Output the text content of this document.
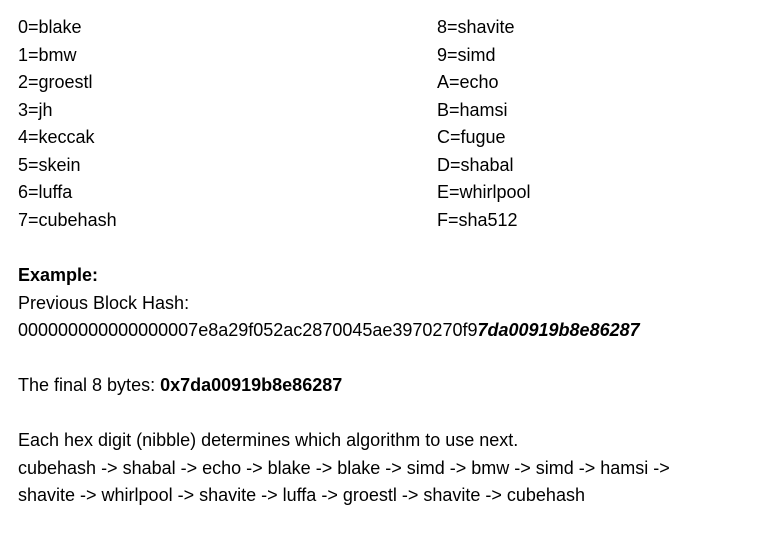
0=blake
1=bmw
2=groestl
3=jh
4=keccak
5=skein
6=luffa
7=cubehash
8=shavite
9=simd
A=echo
B=hamsi
C=fugue
D=shabal
E=whirlpool
F=sha512
Example:
Previous Block Hash:
000000000000000007e8a29f052ac2870045ae3970270f97da00919b8e86287
The final 8 bytes: 0x7da00919b8e86287
Each hex digit (nibble) determines which algorithm to use next.
cubehash -> shabal -> echo -> blake -> blake -> simd -> bmw -> simd -> hamsi ->
shavite -> whirlpool -> shavite -> luffa -> groestl -> shavite -> cubehash
